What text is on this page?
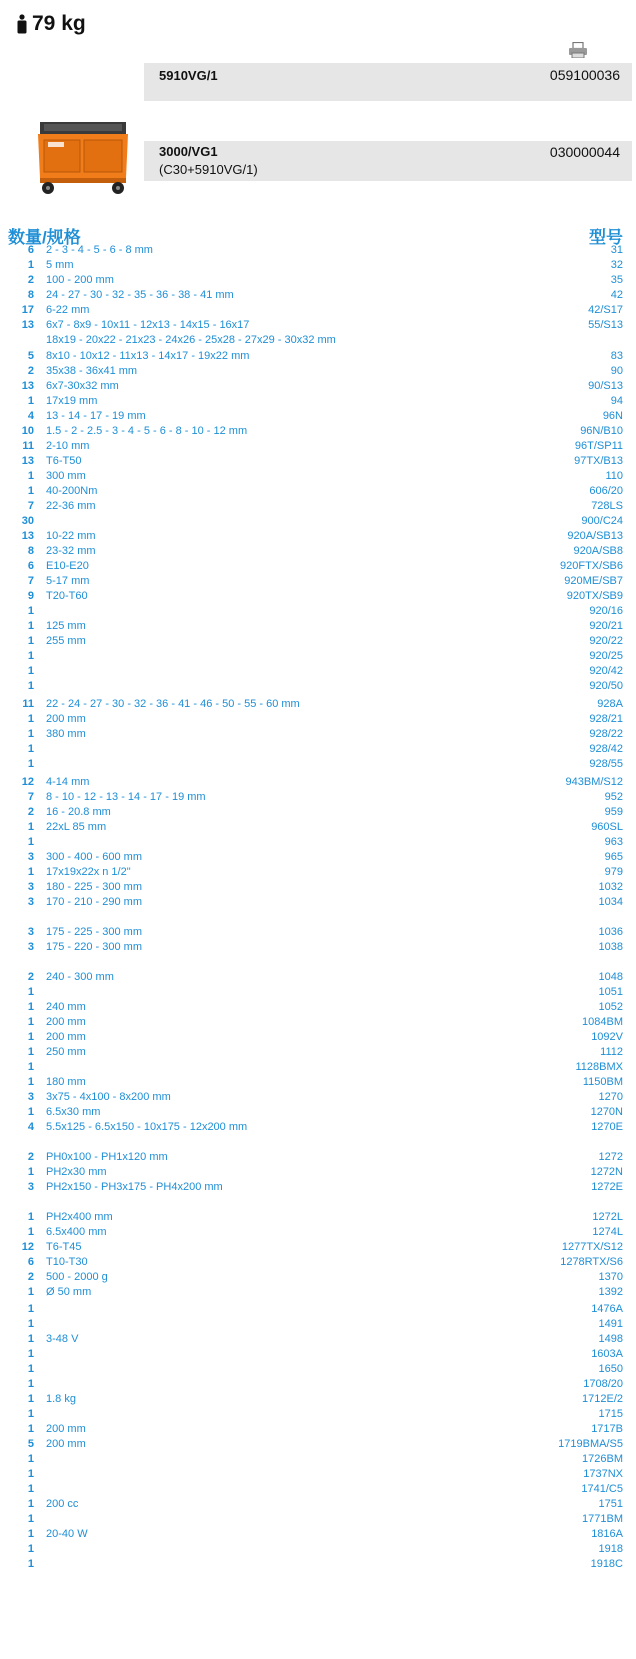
79 kg
5910VG/1	059100036
3000/VG1	030000044
(C30+5910VG/1)
数量/规格	型号
6 2 - 3 - 4 - 5 - 6 - 8 mm	31
1 5 mm	32
2 100 - 200 mm	35
8 24 - 27 - 30 - 32 - 35 - 36 - 38 - 41 mm	42
17 6-22 mm	42/S17
13 6x7 - 8x9 - 10x11 - 12x13 - 14x15 - 16x17	55/S13
18x19 - 20x22 - 21x23 - 24x26 - 25x28 - 27x29 - 30x32 mm
5 8x10 - 10x12 - 11x13 - 14x17 - 19x22 mm	83
2 35x38 - 36x41 mm	90
13 6x7-30x32 mm	90/S13
1 17x19 mm	94
4 13 - 14 - 17 - 19 mm	96N
10 1.5 - 2 - 2.5 - 3 - 4 - 5 - 6 - 8 - 10 - 12 mm	96N/B10
11 2-10 mm	96T/SP11
13 T6-T50	97TX/B13
1 300 mm	110
1 40-200Nm	606/20
7 22-36 mm	728LS
30	900/C24
13 10-22 mm	920A/SB13
8 23-32 mm	920A/SB8
6 E10-E20	920FTX/SB6
7 5-17 mm	920ME/SB7
9 T20-T60	920TX/SB9
1	920/16
1 125 mm	920/21
1 255 mm	920/22
1	920/25
1	920/42
1	920/50
11 22 - 24 - 27 - 30 - 32 - 36 - 41 - 46 - 50 - 55 - 60 mm	928A
1 200 mm	928/21
1 380 mm	928/22
1	928/42
1	928/55
12 4-14 mm	943BM/S12
7 8 - 10 - 12 - 13 - 14 - 17 - 19 mm	952
2 16 - 20.8 mm	959
1 22xL 85 mm	960SL
1	963
3 300 - 400 - 600 mm	965
1 17x19x22x n 1/2"	979
3 180 - 225 - 300 mm	1032
3 170 - 210 - 290 mm	1034
3 175 - 225 - 300 mm	1036
3 175 - 220 - 300 mm	1038
2 240 - 300 mm	1048
1	1051
1 240 mm	1052
1 200 mm	1084BM
1 200 mm	1092V
1 250 mm	1112
1	1128BMX
1 180 mm	1150BM
3 3x75 - 4x100 - 8x200 mm	1270
1 6.5x30 mm	1270N
4 5.5x125 - 6.5x150 - 10x175 - 12x200 mm	1270E
2 PH0x100 - PH1x120 mm	1272
1 PH2x30 mm	1272N
3 PH2x150 - PH3x175 - PH4x200 mm	1272E
1 PH2x400 mm	1272L
1 6.5x400 mm	1274L
12 T6-T45	1277TX/S12
6 T10-T30	1278RTX/S6
2 500 - 2000 g	1370
1 Ø 50 mm	1392
1	1476A
1	1491
1 3-48 V	1498
1	1603A
1	1650
1	1708/20
1 1.8 kg	1712E/2
1	1715
1 200 mm	1717B
5 200 mm	1719BMA/S5
1	1726BM
1	1737NX
1	1741/C5
1 200 cc	1751
1	1771BM
1 20-40 W	1816A
1	1918
1	1918C
